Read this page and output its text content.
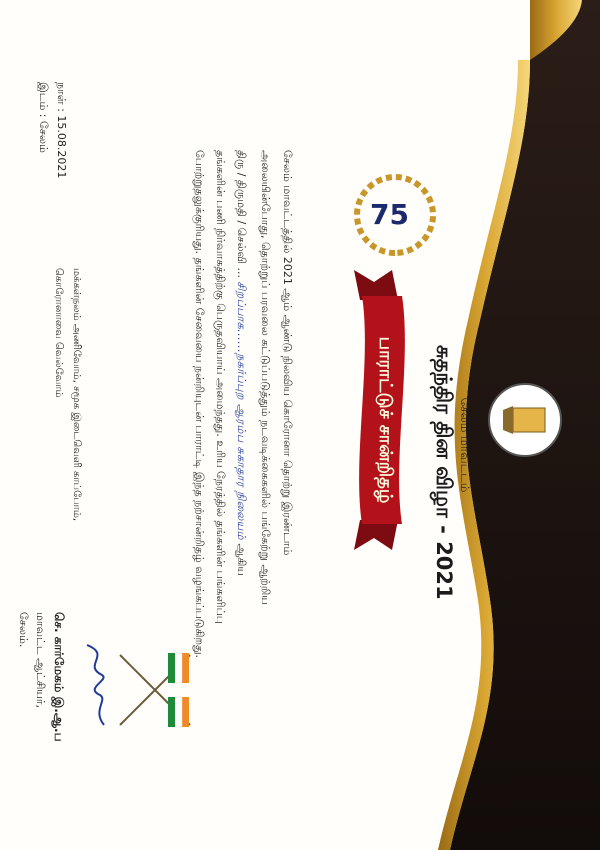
சேலம் மாவட்டம்
சுதந்திர தின விழா - 2021
75
பாராட்டுச் சான்றிதழ்
சேலம் மாவட்டத்தில் 2021 ஆம் ஆண்டு நிலவிய கொரோனா தொற்று இரண்டாம்
அலையின்போது, தொற்றுப் பரவலை கட்டுப்படுத்தும் நடவடிக்கைகளில் பங்கேற்று ஆற்றிய
திரு / திருமதி / செல்வி ... சிறப்பாக......நகர்ப்புற ஆரம்ப சுகாதார நிலையம் ஆகிய
தங்களின் பணி நிர்வாகத்திற்கு பெருதவியாய் அமைந்தது. உரிய நேரத்தில் தங்களின் பங்களிப்பு
போற்றுதலுக்குரியது. தங்களின் சேவையை நன்றியுடன் பாராட்டி இந்த நற்சான்றிதழ் வழங்கப்படுகிறது.
நாள் : 15.08.2021
இடம் : சேலம்
மக்கள்நலம் அணிவோம், சமூக இடைவெளி காப்போம்,
கொரோனாவை வெல்வோம்
செ. கார்மேகம் இ.ஆ.ப
மாவட்ட ஆட்சியர்,
சேலம்.
